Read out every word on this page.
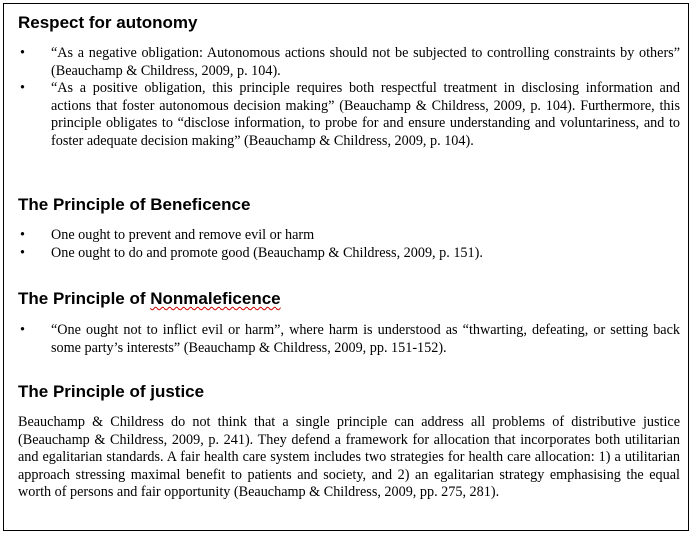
Respect for autonomy
• “As a negative obligation: Autonomous actions should not be subjected to controlling constraints by others” (Beauchamp & Childress, 2009, p. 104).
• “As a positive obligation, this principle requires both respectful treatment in disclosing information and actions that foster autonomous decision making” (Beauchamp & Childress, 2009, p. 104). Furthermore, this principle obligates to “disclose information, to probe for and ensure understanding and voluntariness, and to foster adequate decision making” (Beauchamp & Childress, 2009, p. 104).
The Principle of Beneficence
• One ought to prevent and remove evil or harm
• One ought to do and promote good (Beauchamp & Childress, 2009, p. 151).
The Principle of Nonmaleficence
• “One ought not to inflict evil or harm”, where harm is understood as “thwarting, defeating, or setting back some party’s interests” (Beauchamp & Childress, 2009, pp. 151-152).
The Principle of justice

Beauchamp & Childress do not think that a single principle can address all problems of distributive justice (Beauchamp & Childress, 2009, p. 241). They defend a framework for allocation that incorporates both utilitarian and egalitarian standards. A fair health care system includes two strategies for health care allocation: 1) a utilitarian approach stressing maximal benefit to patients and society, and 2) an egalitarian strategy emphasising the equal worth of persons and fair opportunity (Beauchamp & Childress, 2009, pp. 275, 281).
